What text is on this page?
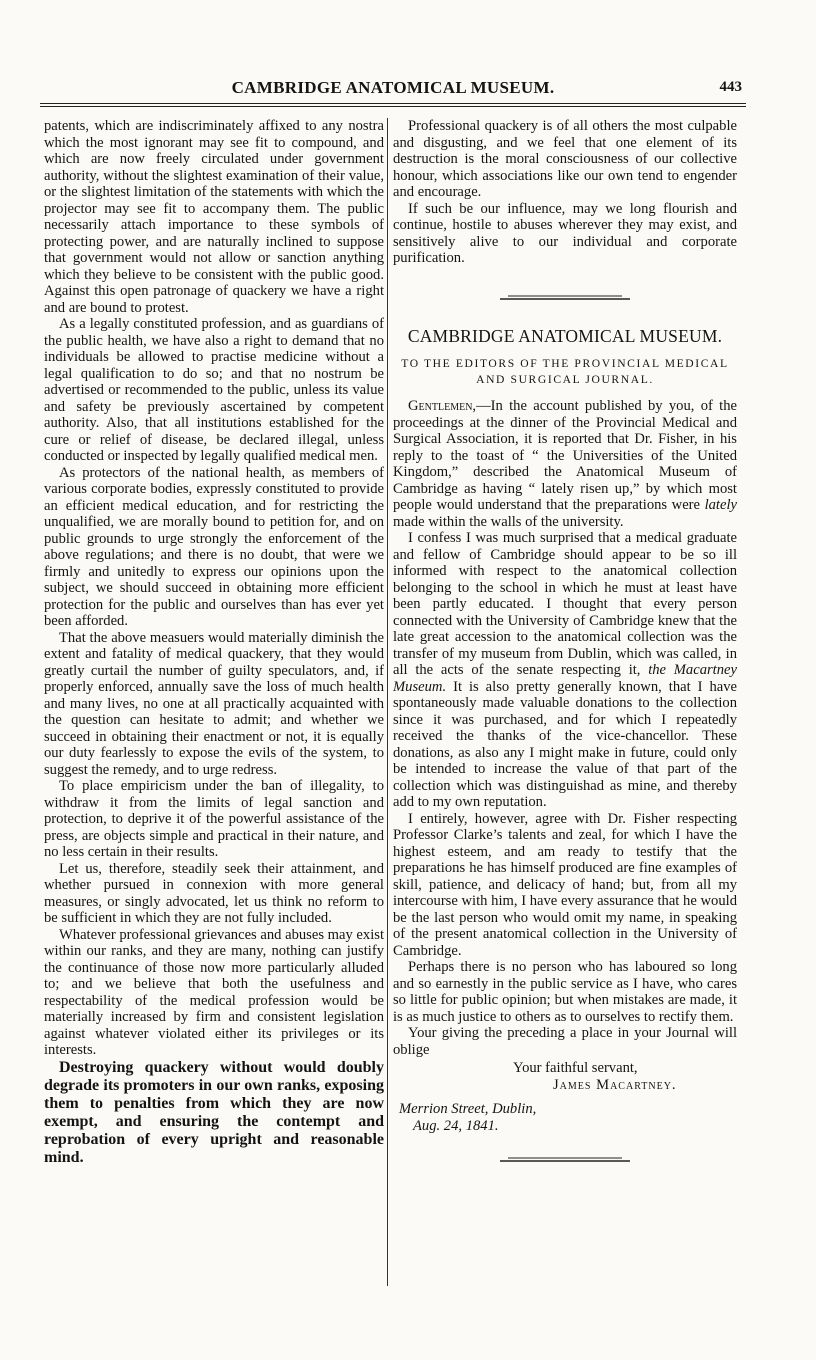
CAMBRIDGE ANATOMICAL MUSEUM.	443

patents, which are indiscriminately affixed to any nostra which the most ignorant may see fit to compound, and which are now freely circulated under government authority, without the slightest examination of their value, or the slightest limitation of the statements with which the projector may see fit to accompany them. The public necessarily attach importance to these symbols of protecting power, and are naturally inclined to suppose that government would not allow or sanction anything which they believe to be consistent with the public good. Against this open patronage of quackery we have a right and are bound to protest.

As a legally constituted profession, and as guardians of the public health, we have also a right to demand that no individuals be allowed to practise medicine without a legal qualification to do so; and that no nostrum be advertised or recommended to the public, unless its value and safety be previously ascertained by competent authority. Also, that all institutions established for the cure or relief of disease, be declared illegal, unless conducted or inspected by legally qualified medical men.

As protectors of the national health, as members of various corporate bodies, expressly constituted to provide an efficient medical education, and for restricting the unqualified, we are morally bound to petition for, and on public grounds to urge strongly the enforcement of the above regulations; and there is no doubt, that were we firmly and unitedly to express our opinions upon the subject, we should succeed in obtaining more efficient protection for the public and ourselves than has ever yet been afforded.

That the above measuers would materially diminish the extent and fatality of medical quackery, that they would greatly curtail the number of guilty speculators, and, if properly enforced, annually save the loss of much health and many lives, no one at all practically acquainted with the question can hesitate to admit; and whether we succeed in obtaining their enactment or not, it is equally our duty fearlessly to expose the evils of the system, to suggest the remedy, and to urge redress.

To place empiricism under the ban of illegality, to withdraw it from the limits of legal sanction and protection, to deprive it of the powerful assistance of the press, are objects simple and practical in their nature, and no less certain in their results.

Let us, therefore, steadily seek their attainment, and whether pursued in connexion with more general measures, or singly advocated, let us think no reform to be sufficient in which they are not fully included.

Whatever professional grievances and abuses may exist within our ranks, and they are many, nothing can justify the continuance of those now more particularly alluded to; and we believe that both the usefulness and respectability of the medical profession would be materially increased by firm and consistent legislation against whatever violated either its privileges or its interests.

Destroying quackery without would doubly degrade its promoters in our own ranks, exposing them to penalties from which they are now exempt, and ensuring the contempt and reprobation of every upright and reasonable mind.

Professional quackery is of all others the most culpable and disgusting, and we feel that one element of its destruction is the moral consciousness of our collective honour, which associations like our own tend to engender and encourage.

If such be our influence, may we long flourish and continue, hostile to abuses wherever they may exist, and sensitively alive to our individual and corporate purification.

CAMBRIDGE ANATOMICAL MUSEUM.
TO THE EDITORS OF THE PROVINCIAL MEDICAL AND SURGICAL JOURNAL.

Gentlemen,—In the account published by you, of the proceedings at the dinner of the Provincial Medical and Surgical Association, it is reported that Dr. Fisher, in his reply to the toast of “ the Universities of the United Kingdom,” described the Anatomical Museum of Cambridge as having “ lately risen up,” by which most people would understand that the preparations were lately made within the walls of the university.

I confess I was much surprised that a medical graduate and fellow of Cambridge should appear to be so ill informed with respect to the anatomical collection belonging to the school in which he must at least have been partly educated. I thought that every person connected with the University of Cambridge knew that the late great accession to the anatomical collection was the transfer of my museum from Dublin, which was called, in all the acts of the senate respecting it, the Macartney Museum. It is also pretty generally known, that I have spontaneously made valuable donations to the collection since it was purchased, and for which I repeatedly received the thanks of the vice-chancellor. These donations, as also any I might make in future, could only be intended to increase the value of that part of the collection which was distinguishad as mine, and thereby add to my own reputation.

I entirely, however, agree with Dr. Fisher respecting Professor Clarke’s talents and zeal, for which I have the highest esteem, and am ready to testify that the preparations he has himself produced are fine examples of skill, patience, and delicacy of hand; but, from all my intercourse with him, I have every assurance that he would be the last person who would omit my name, in speaking of the present anatomical collection in the University of Cambridge.

Perhaps there is no person who has laboured so long and so earnestly in the public service as I have, who cares so little for public opinion; but when mistakes are made, it is as much justice to others as to ourselves to rectify them.

Your giving the preceding a place in your Journal will oblige

Your faithful servant,
James Macartney.
Merrion Street, Dublin,
Aug. 24, 1841.
